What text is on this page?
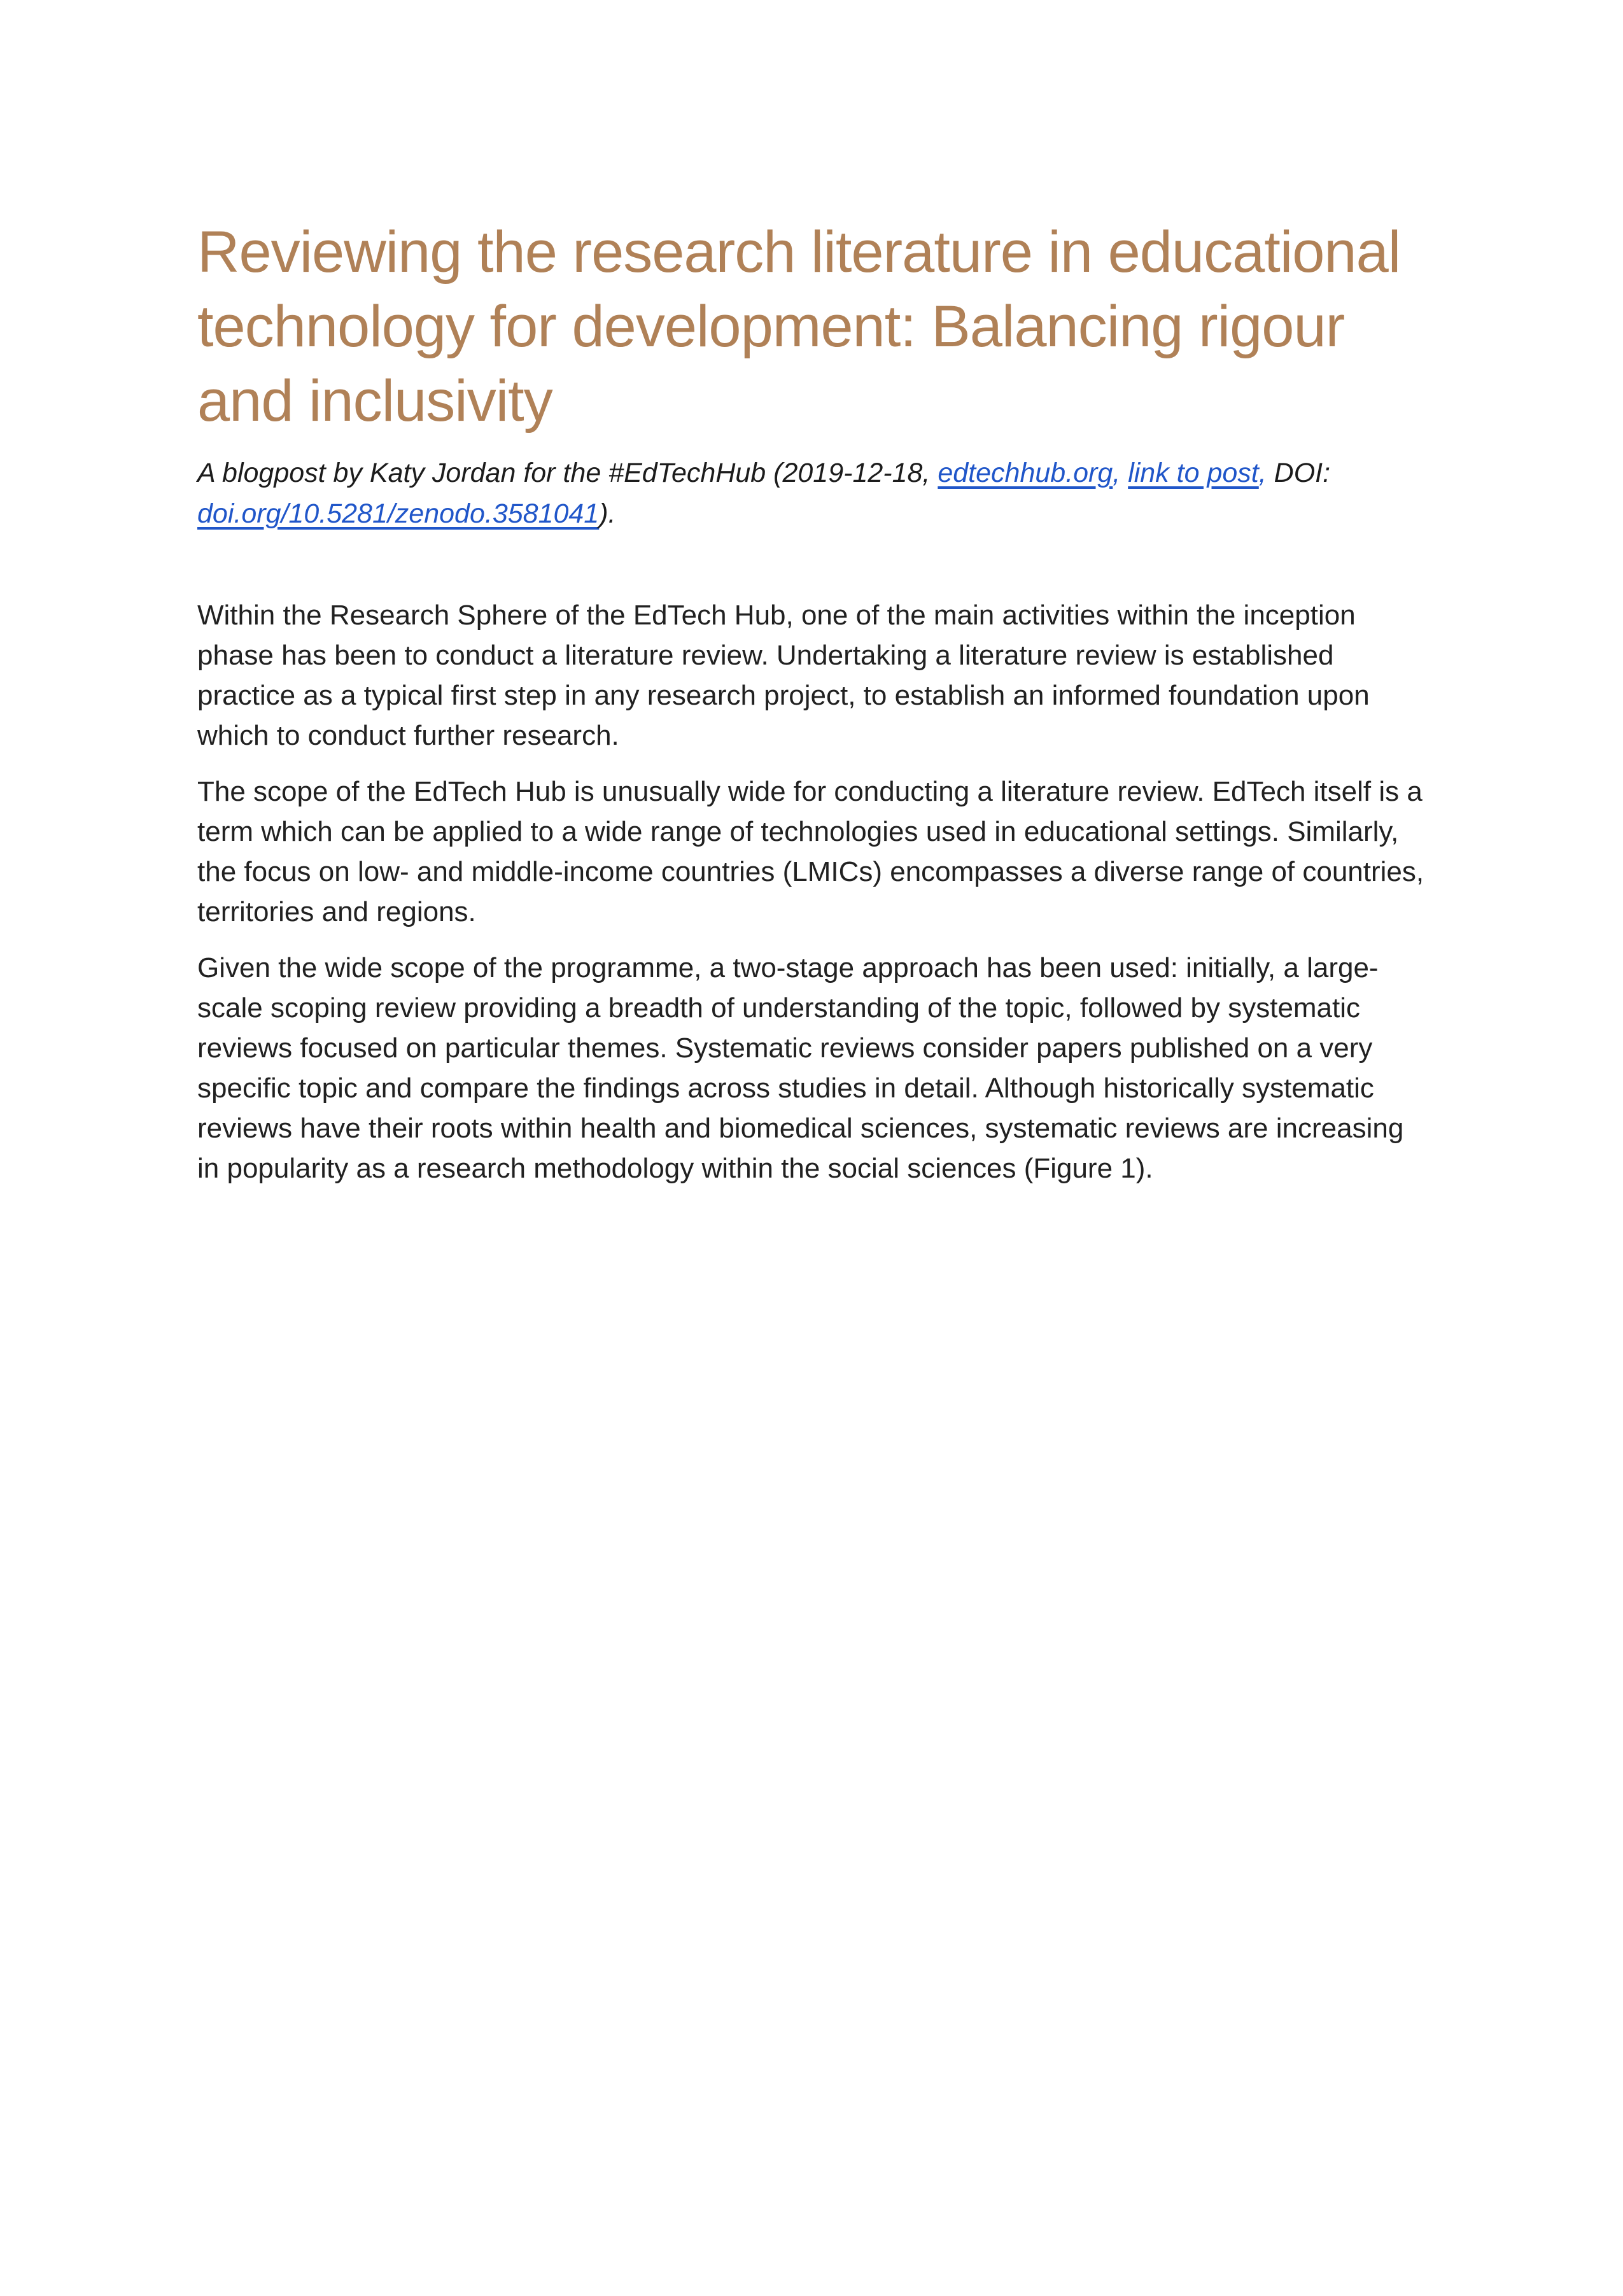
Reviewing the research literature in educational technology for development: Balancing rigour and inclusivity

A blogpost by Katy Jordan for the #EdTechHub (2019-12-18, edtechhub.org, link to post, DOI:
doi.org/10.5281/zenodo.3581041).

Within the Research Sphere of the EdTech Hub, one of the main activities within the inception phase has been to conduct a literature review. Undertaking a literature review is established practice as a typical first step in any research project, to establish an informed foundation upon which to conduct further research.

The scope of the EdTech Hub is unusually wide for conducting a literature review. EdTech itself is a term which can be applied to a wide range of technologies used in educational settings. Similarly, the focus on low- and middle-income countries (LMICs) encompasses a diverse range of countries, territories and regions.

Given the wide scope of the programme, a two-stage approach has been used: initially, a large-scale scoping review providing a breadth of understanding of the topic, followed by systematic reviews focused on particular themes. Systematic reviews consider papers published on a very specific topic and compare the findings across studies in detail. Although historically systematic reviews have their roots within health and biomedical sciences, systematic reviews are increasing in popularity as a research methodology within the social sciences (Figure 1).
